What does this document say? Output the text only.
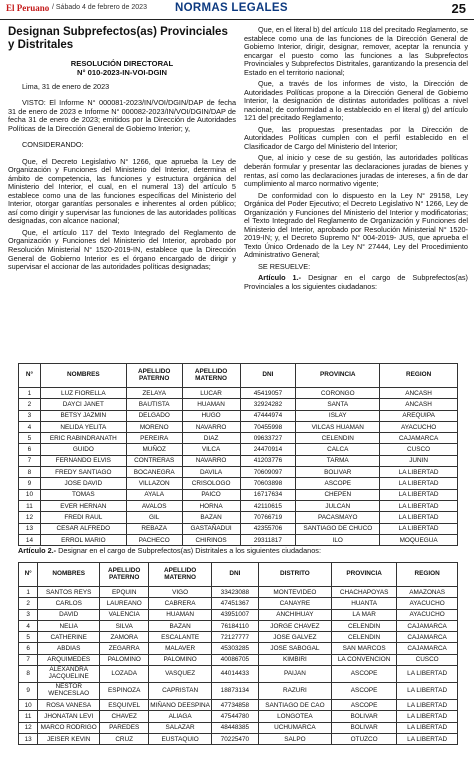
El Peruano / Sábado 4 de febrero de 2023 NORMAS LEGALES	25
Designan Subprefectos(as) Provinciales y Distritales
RESOLUCIÓN DIRECTORAL
N° 010-2023-IN-VOI-DGIN

Lima, 31 de enero de 2023

VISTO: El Informe N° 000081-2023/IN/VOI/DGIN/DAP de fecha 31 de enero de 2023 e Informe N° 000082-2023/IN/VOI/DGIN/DAP de fecha 31 de enero de 2023; emitidos por la Dirección de Autoridades Políticas de la Dirección General de Gobierno Interior; y,

CONSIDERANDO:

Que, el Decreto Legislativo N° 1266, que aprueba la Ley de Organización y Funciones del Ministerio del Interior, determina el ámbito de competencia, las funciones y estructura orgánica del Ministerio del Interior, el cual, en el numeral 13) del artículo 5 establece como una de las funciones específicas del Ministerio del Interior, otorgar garantías personales e inherentes al orden público; así como dirigir y supervisar las funciones de las autoridades políticas designadas, con alcance nacional;

Que, el artículo 117 del Texto Integrado del Reglamento de Organización y Funciones del Ministerio del Interior, aprobado por Resolución Ministerial N° 1520-2019-IN, establece que la Dirección General de Gobierno Interior es el órgano encargado de dirigir y supervisar el accionar de las autoridades políticas designadas;

Que, en el literal b) del artículo 118 del precitado Reglamento, se establece como una de las funciones de la Dirección General de Gobierno Interior, dirigir, designar, remover, aceptar la renuncia y encargar el puesto como las funciones a las Subprefectos Provinciales y Subprefectos Distritales, garantizando la presencia del Estado en el territorio nacional;

Que, a través de los informes de visto, la Dirección de Autoridades Políticas propone a la Dirección General de Gobierno Interior, la designación de distintas autoridades políticas a nivel nacional; de conformidad a lo establecido en el literal g) del artículo 121 del precitado Reglamento;

Que, las propuestas presentadas por la Dirección de Autoridades Políticas cumplen con el perfil establecido en el Clasificador de Cargo del Ministerio del Interior;

Que, al inicio y cese de su gestión, las autoridades políticas deberán formular y presentar las declaraciones juradas de bienes y rentas, así como las declaraciones juradas de intereses, a fin de dar cumplimiento al marco normativo vigente;

De conformidad con lo dispuesto en la Ley N° 29158, Ley Orgánica del Poder Ejecutivo; el Decreto Legislativo N° 1266, Ley de Organización y Funciones del Ministerio del Interior y modificatorias; el Texto Integrado del Reglamento de Organización y Funciones del Ministerio del Interior, aprobado por Resolución Ministerial N° 1520-2019-IN; y, el Decreto Supremo N° 004-2019- JUS, que aprueba el Texto Único Ordenado de la Ley N° 27444, Ley del Procedimiento Administrativo General;

SE RESUELVE:

Artículo 1.- Designar en el cargo de Subprefectos(as) Provinciales a los siguientes ciudadanos:

N°	NOMBRES	APELLIDO PATERNO	APELLIDO MATERNO	DNI	PROVINCIA	REGION
1	LUZ FIORELLA	ZELAYA	LUCAR	45419057	CORONGO	ANCASH
2	DAYCI JANET	BAUTISTA	HUAMAN	32924282	SANTA	ANCASH
3	BETSY JAZMIN	DELGADO	HUGO	47444974	ISLAY	AREQUIPA
4	NELIDA YELITA	MORENO	NAVARRO	70455998	VILCAS HUAMAN	AYACUCHO
5	ERIC RABINDRANATH	PEREIRA	DIAZ	09633727	CELENDIN	CAJAMARCA
6	GUIDO	MUÑOZ	VILCA	24470914	CALCA	CUSCO
7	FERNANDO ELVIS	CONTRERAS	NAVARRO	41203776	TARMA	JUNIN
8	FREDY SANTIAGO	BOCANEGRA	DAVILA	70609097	BOLIVAR	LA LIBERTAD
9	JOSE DAVID	VILLAZON	CRISOLOGO	70603898	ASCOPE	LA LIBERTAD
10	TOMAS	AYALA	PAICO	16717634	CHEPEN	LA LIBERTAD
11	EVER HERNAN	AVALOS	HORNA	42110615	JULCAN	LA LIBERTAD
12	FREDI RAUL	GIL	BAZAN	70766719	PACASMAYO	LA LIBERTAD
13	CESAR ALFREDO	REBAZA	GASTAÑADUI	42355706	SANTIAGO DE CHUCO	LA LIBERTAD
14	ERROL MARIO	PACHECO	CHIRINOS	29311817	ILO	MOQUEGUA
Artículo 2.- Designar en el cargo de Subprefectos(as) Distritales a los siguientes ciudadanos:
N°	NOMBRES	APELLIDO PATERNO	APELLIDO MATERNO	DNI	DISTRITO	PROVINCIA	REGION
1	SANTOS REYS	EPQUIN	VIGO	33423088	MONTEVIDEO	CHACHAPOYAS	AMAZONAS
2	CARLOS	LAUREANO	CABRERA	47451367	CANAYRE	HUANTA	AYACUCHO
3	DAVID	VALENCIA	HUAMAN	43951007	ANCHIHUAY	LA MAR	AYACUCHO
4	NELIA	SILVA	BAZAN	76184110	JORGE CHAVEZ	CELENDIN	CAJAMARCA
5	CATHERINE	ZAMORA	ESCALANTE	72127777	JOSE GALVEZ	CELENDIN	CAJAMARCA
6	ABDIAS	ZEGARRA	MALAVER	45303285	JOSE SABOGAL	SAN MARCOS	CAJAMARCA
7	ARQUIMEDES	PALOMINO	PALOMINO	40086705	KIMBIRI	LA CONVENCION	CUSCO
8	ALEXANDRA JACQUELINE	LOZADA	VASQUEZ	44014433	PAIJAN	ASCOPE	LA LIBERTAD
9	NESTOR WENCESLAO	ESPINOZA	CAPRISTAN	18873134	RAZURI	ASCOPE	LA LIBERTAD
10	ROSA VANESA	ESQUIVEL	MIÑANO DEESPINA	47734858	SANTIAGO DE CAO	ASCOPE	LA LIBERTAD
11	JHONATAN LEVI	CHAVEZ	ALIAGA	47544780	LONGOTEA	BOLIVAR	LA LIBERTAD
12	MARCO RODRIGO	PAREDES	SALAZAR	48448385	UCHUMARCA	BOLIVAR	LA LIBERTAD
13	JEISER KEVIN	CRUZ	EUSTAQUIO	70225470	SALPO	OTUZCO	LA LIBERTAD
